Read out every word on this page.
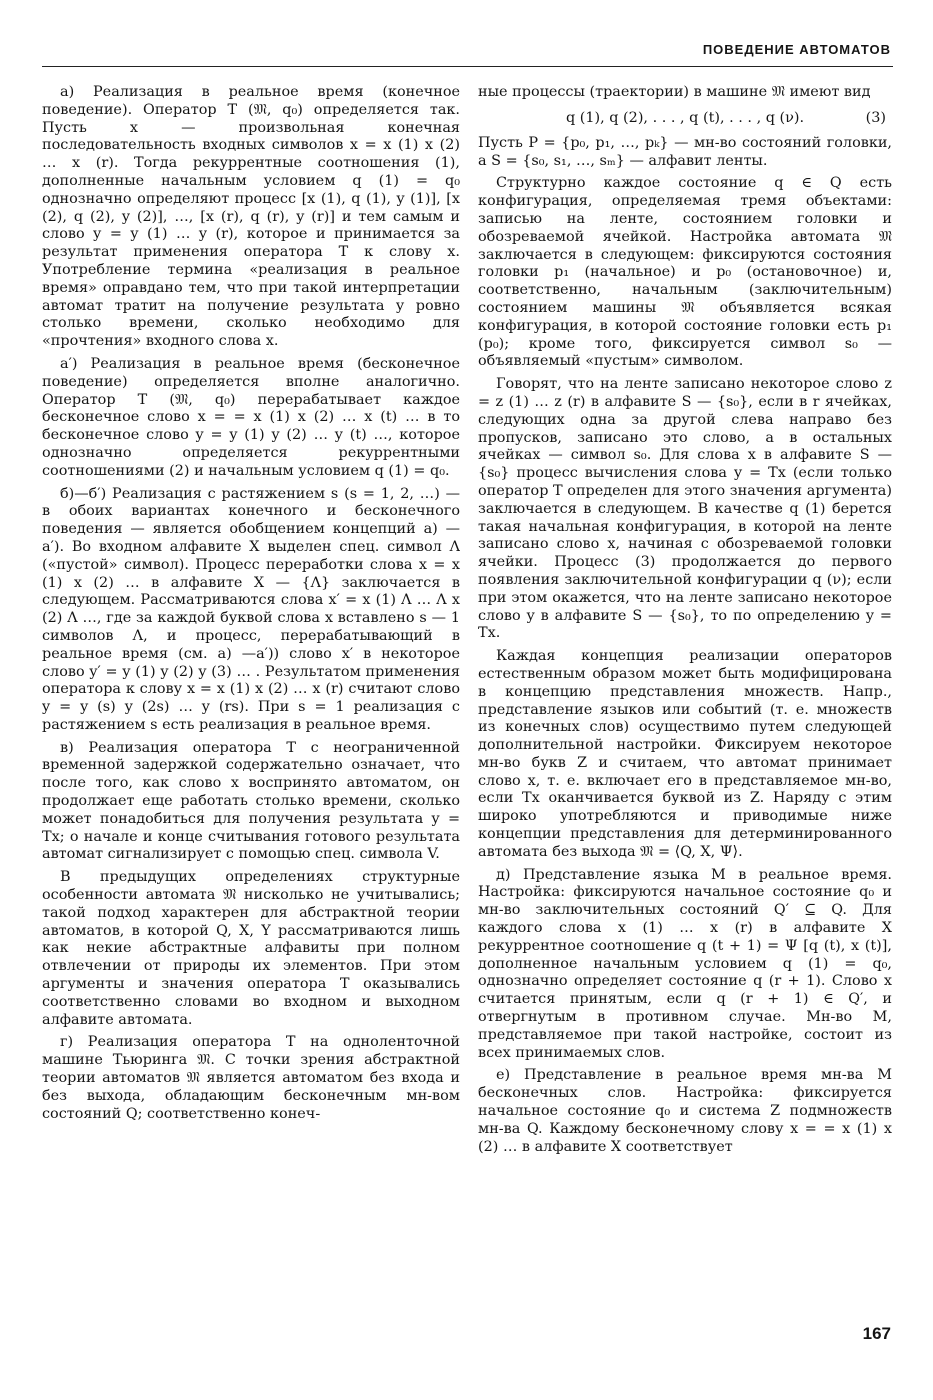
ПОВЕДЕНИЕ АВТОМАТОВ

а) Реализация в реальное время (конечное поведение). Оператор T (𝔐, q₀) определяется так. Пусть x — произвольная конечная последовательность входных символов x = x (1) x (2) … x (r). Тогда рекуррентные соотношения (1), дополненные начальным условием q (1) = q₀ однозначно определяют процесс [x (1), q (1), y (1)], [x (2), q (2), y (2)], …, [x (r), q (r), y (r)] и тем самым и слово y = y (1) … y (r), которое и принимается за результат применения оператора T к слову x. Употребление термина «реализация в реальное время» оправдано тем, что при такой интерпретации автомат тратит на получение результата y ровно столько времени, сколько необходимо для «прочтения» входного слова x.

а′) Реализация в реальное время (бесконечное поведение) определяется вполне аналогично. Оператор T (𝔐, q₀) перерабатывает каждое бесконечное слово x = = x (1) x (2) … x (t) … в то бесконечное слово y = y (1) y (2) … y (t) …, которое однозначно определяется рекуррентными соотношениями (2) и начальным условием q (1) = q₀.

б)—б′) Реализация с растяжением s (s = 1, 2, …) — в обоих вариантах конечного и бесконечного поведения — является обобщением концепций а) — а′). Во входном алфавите X выделен спец. символ Λ («пустой» символ). Процесс переработки слова x = x (1) x (2) … в алфавите X — {Λ} заключается в следующем. Рассматриваются слова x′ = x (1) Λ … Λ x (2) Λ …, где за каждой буквой слова x вставлено s — 1 символов Λ, и процесс, перерабатывающий в реальное время (см. а) —а′)) слово x′ в некоторое слово y′ = y (1) y (2) y (3) … . Результатом применения оператора к слову x = x (1) x (2) … x (r) считают слово y = y (s) y (2s) … y (rs). При s = 1 реализация с растяжением s есть реализация в реальное время.

в) Реализация оператора T с неограниченной временной задержкой содержательно означает, что после того, как слово x воспринято автоматом, он продолжает еще работать столько времени, сколько может понадобиться для получения результата y = Tx; о начале и конце считывания готового результата автомат сигнализирует с помощью спец. символа V.

В предыдущих определениях структурные особенности автомата 𝔐 нисколько не учитывались; такой подход характерен для абстрактной теории автоматов, в которой Q, X, Y рассматриваются лишь как некие абстрактные алфавиты при полном отвлечении от природы их элементов. При этом аргументы и значения оператора T оказывались соответственно словами во входном и выходном алфавите автомата.

г) Реализация оператора T на одноленточной машине Тьюринга 𝔐. С точки зрения абстрактной теории автоматов 𝔐 является автоматом без входа и без выхода, обладающим бесконечным мн-вом состояний Q; соответственно конеч-

ные процессы (траектории) в машине 𝔐 имеют вид

q (1), q (2), . . . , q (t), . . . , q (ν).	(3)

Пусть P = {p₀, p₁, …, pₖ} — мн-во состояний головки, а S = {s₀, s₁, …, sₘ} — алфавит ленты.

Структурно каждое состояние q ∈ Q есть конфигурация, определяемая тремя объектами: записью на ленте, состоянием головки и обозреваемой ячейкой. Настройка автомата 𝔐 заключается в следующем: фиксируются состояния головки p₁ (начальное) и p₀ (остановочное) и, соответственно, начальным (заключительным) состоянием машины 𝔐 объявляется всякая конфигурация, в которой состояние головки есть p₁ (p₀); кроме того, фиксируется символ s₀ — объявляемый «пустым» символом.

Говорят, что на ленте записано некоторое слово z = z (1) … z (r) в алфавите S — {s₀}, если в r ячейках, следующих одна за другой слева направо без пропусков, записано это слово, а в остальных ячейках — символ s₀. Для слова x в алфавите S — {s₀} процесс вычисления слова y = Tx (если только оператор T определен для этого значения аргумента) заключается в следующем. В качестве q (1) берется такая начальная конфигурация, в которой на ленте записано слово x, начиная с обозреваемой головки ячейки. Процесс (3) продолжается до первого появления заключительной конфигурации q (ν); если при этом окажется, что на ленте записано некоторое слово y в алфавите S — {s₀}, то по определению y = Tx.

Каждая концепция реализации операторов естественным образом может быть модифицирована в концепцию представления множеств. Напр., представление языков или событий (т. е. множеств из конечных слов) осуществимо путем следующей дополнительной настройки. Фиксируем некоторое мн-во букв Z и считаем, что автомат принимает слово x, т. е. включает его в представляемое мн-во, если Tx оканчивается буквой из Z. Наряду с этим широко употребляются и приводимые ниже концепции представления для детерминированного автомата без выхода 𝔐 = ⟨Q, X, Ψ⟩.

д) Представление языка M в реальное время. Настройка: фиксируются начальное состояние q₀ и мн-во заключительных состояний Q′ ⊆ Q. Для каждого слова x (1) … x (r) в алфавите X рекуррентное соотношение q (t + 1) = Ψ [q (t), x (t)], дополненное начальным условием q (1) = q₀, однозначно определяет состояние q (r + 1). Слово x считается принятым, если q (r + 1) ∈ Q′, и отвергнутым в противном случае. Мн-во M, представляемое при такой настройке, состоит из всех принимаемых слов.

е) Представление в реальное время мн-ва M бесконечных слов. Настройка: фиксируется начальное состояние q₀ и система Z подмножеств мн-ва Q. Каждому бесконечному слову x = = x (1) x (2) … в алфавите X соответствует

167
